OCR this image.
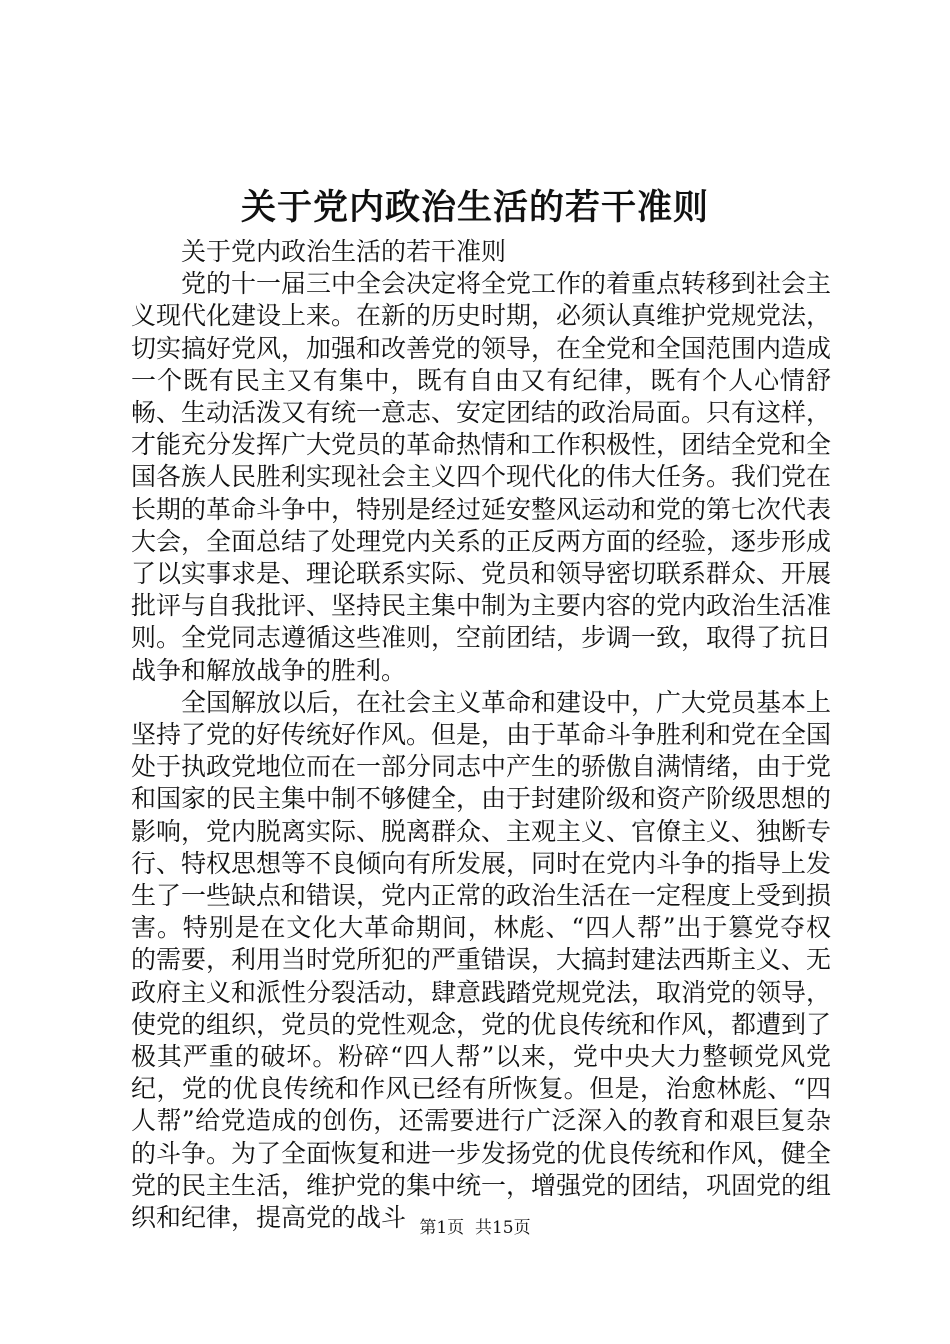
关于党内政治生活的若干准则

关于党内政治生活的若干准则

党的十一届三中全会决定将全党工作的着重点转移到社会主义现代化建设上来。在新的历史时期，必须认真维护党规党法，切实搞好党风，加强和改善党的领导，在全党和全国范围内造成一个既有民主又有集中，既有自由又有纪律，既有个人心情舒畅、生动活泼又有统一意志、安定团结的政治局面。只有这样，才能充分发挥广大党员的革命热情和工作积极性，团结全党和全国各族人民胜利实现社会主义四个现代化的伟大任务。我们党在长期的革命斗争中，特别是经过延安整风运动和党的第七次代表大会，全面总结了处理党内关系的正反两方面的经验，逐步形成了以实事求是、理论联系实际、党员和领导密切联系群众、开展批评与自我批评、坚持民主集中制为主要内容的党内政治生活准则。全党同志遵循这些准则，空前团结，步调一致，取得了抗日战争和解放战争的胜利。

全国解放以后，在社会主义革命和建设中，广大党员基本上坚持了党的好传统好作风。但是，由于革命斗争胜利和党在全国处于执政党地位而在一部分同志中产生的骄傲自满情绪，由于党和国家的民主集中制不够健全，由于封建阶级和资产阶级思想的影响，党内脱离实际、脱离群众、主观主义、官僚主义、独断专行、特权思想等不良倾向有所发展，同时在党内斗争的指导上发生了一些缺点和错误，党内正常的政治生活在一定程度上受到损害。特别是在文化大革命期间，林彪、“四人帮”出于篡党夺权的需要，利用当时党所犯的严重错误，大搞封建法西斯主义、无政府主义和派性分裂活动，肆意践踏党规党法，取消党的领导，使党的组织，党员的党性观念，党的优良传统和作风，都遭到了极其严重的破坏。粉碎“四人帮”以来，党中央大力整顿党风党纪，党的优良传统和作风已经有所恢复。但是，治愈林彪、“四人帮”给党造成的创伤，还需要进行广泛深入的教育和艰巨复杂的斗争。为了全面恢复和进一步发扬党的优良传统和作风，健全党的民主生活，维护党的集中统一，增强党的团结，巩固党的组织和纪律，提高党的战斗 第1页  共15页
